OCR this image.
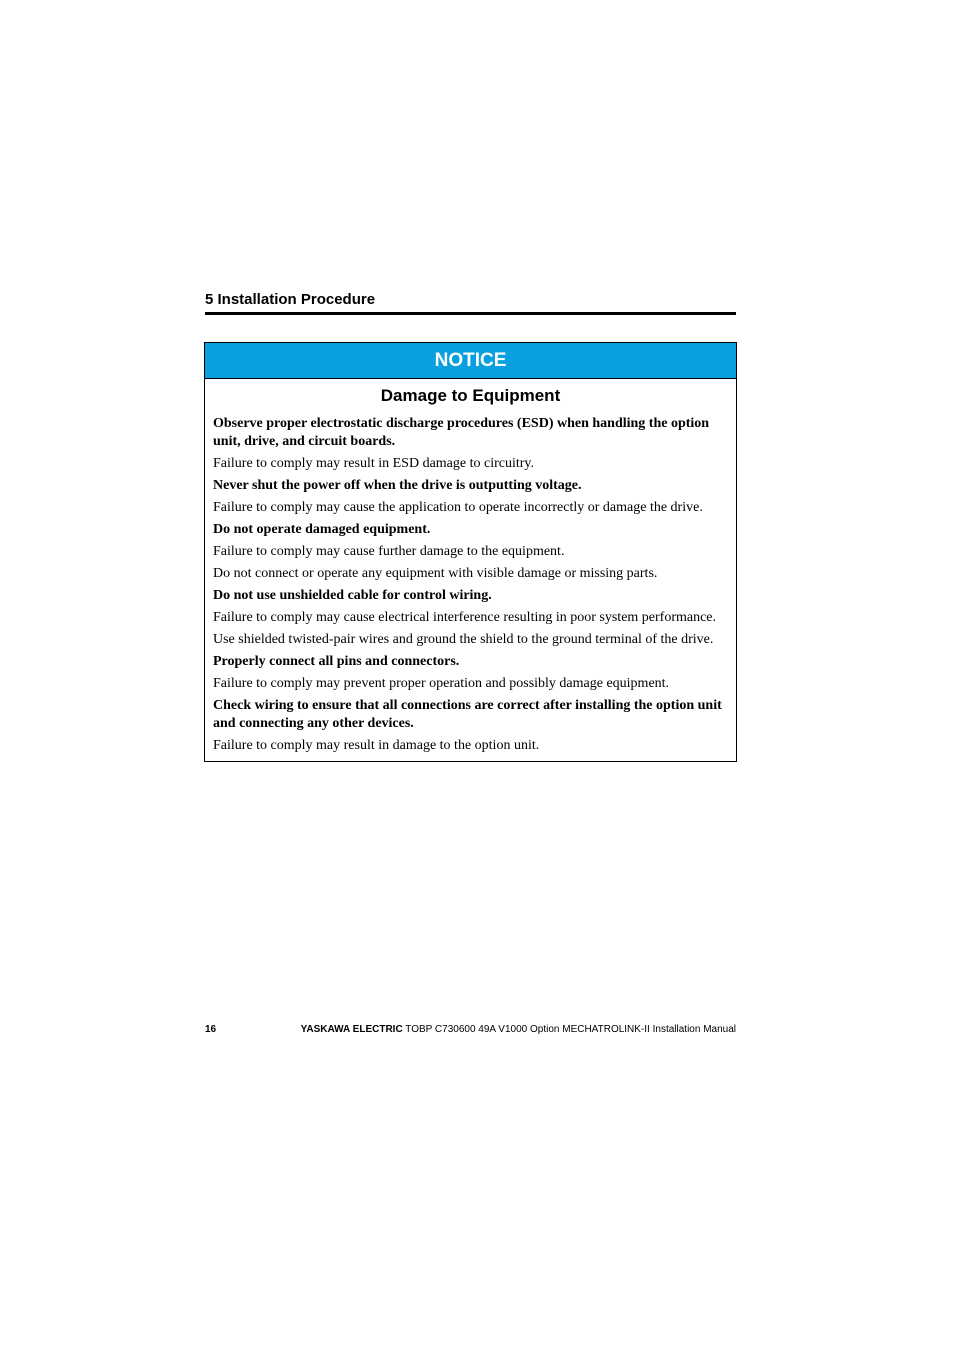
5 Installation Procedure
NOTICE
Damage to Equipment

Observe proper electrostatic discharge procedures (ESD) when handling the option unit, drive, and circuit boards.

Failure to comply may result in ESD damage to circuitry.

Never shut the power off when the drive is outputting voltage.

Failure to comply may cause the application to operate incorrectly or damage the drive.

Do not operate damaged equipment.

Failure to comply may cause further damage to the equipment.

Do not connect or operate any equipment with visible damage or missing parts.

Do not use unshielded cable for control wiring.

Failure to comply may cause electrical interference resulting in poor system performance.

Use shielded twisted-pair wires and ground the shield to the ground terminal of the drive.

Properly connect all pins and connectors.

Failure to comply may prevent proper operation and possibly damage equipment.

Check wiring to ensure that all connections are correct after installing the option unit and connecting any other devices.

Failure to comply may result in damage to the option unit.

16	YASKAWA ELECTRIC TOBP C730600 49A V1000 Option MECHATROLINK-II Installation Manual
